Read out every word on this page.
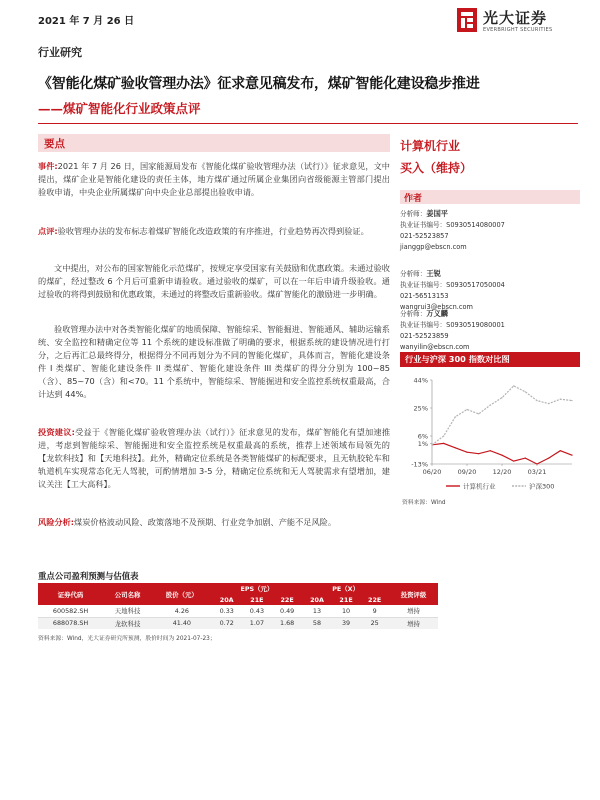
2021 年 7 月 26 日	光大证券
EVERBRIGHT SECURITIES
行业研究
《智能化煤矿验收管理办法》征求意见稿发布，煤矿智能化建设稳步推进
——煤矿智能化行业政策点评
要点
事件:2021 年 7 月 26 日，国家能源局发布《智能化煤矿验收管理办法（试行）》征求意见，文中提出，煤矿企业是智能化建设的责任主体，地方煤矿通过所属企业集团向省级能源主管部门提出验收申请，中央企业所属煤矿向中央企业总部提出验收申请。
点评:验收管理办法的发布标志着煤矿智能化改造政策的有序推进，行业趋势再次得到验证。
文中提出，对公布的国家智能化示范煤矿，按规定享受国家有关鼓励和优惠政策。未通过验收的煤矿，经过整改 6 个月后可重新申请验收。通过验收的煤矿，可以在一年后申请升级验收。通过验收的将得到鼓励和优惠政策，未通过的将整改后重新验收。煤矿智能化的激励进一步明确。
验收管理办法中对各类智能化煤矿的地质保障、智能综采、智能掘进、智能通风、辅助运输系统、安全监控和精确定位等 11 个系统的建设标准做了明确的要求，根据系统的建设情况进行打分，之后再汇总最终得分，根据得分不同再划分为不同的智能化煤矿，具体而言，智能化建设条件 I 类煤矿、智能化建设条件 II 类煤矿、智能化建设条件 III 类煤矿的得分分别为 100~85（含）、85~70（含）和<70。11 个系统中，智能综采、智能掘进和安全监控系统权重最高，合计达到 44%。
投资建议:受益于《智能化煤矿验收管理办法（试行）》征求意见的发布，煤矿智能化有望加速推进，考虑到智能综采、智能掘进和安全监控系统是权重最高的系统，推荐上述领域布局领先的【龙软科技】和【天地科技】。此外，精确定位系统是各类智能煤矿的标配要求，且无轨胶轮车和轨道机车实现常态化无人驾驶，可酌情增加 3-5 分，精确定位系统和无人驾驶需求有望增加，建议关注【工大高科】。
风险分析:煤炭价格波动风险、政策落地不及预期、行业竞争加剧、产能不足风险。
计算机行业
买入（维持）
作者
分析师：姜国平
执业证书编号：S0930514080007
021-52523857
jianggp@ebscn.com
分析师：王锐
执业证书编号：S0930517050004
021-56513153
wangrui3@ebscn.com
分析师：万义麟
执业证书编号：S0930519080001
021-52523859
wanyilin@ebscn.com
行业与沪深 300 指数对比图
44%
25%
6%
1%
-13%
06/20	09/20	12/20	03/21
计算机行业	沪深300
资料来源：Wind
重点公司盈利预测与估值表
证券代码	公司名称	股价（元）	EPS（元）			PE（X）			投资评级
			20A	21E	22E	20A	21E	22E	
600582.SH	天地科技	4.26	0.33	0.43	0.49	13	10	9	增持
688078.SH	龙软科技	41.40	0.72	1.07	1.68	58	39	25	增持
资料来源：Wind，光大证券研究所预测，股价时间为 2021-07-23；
